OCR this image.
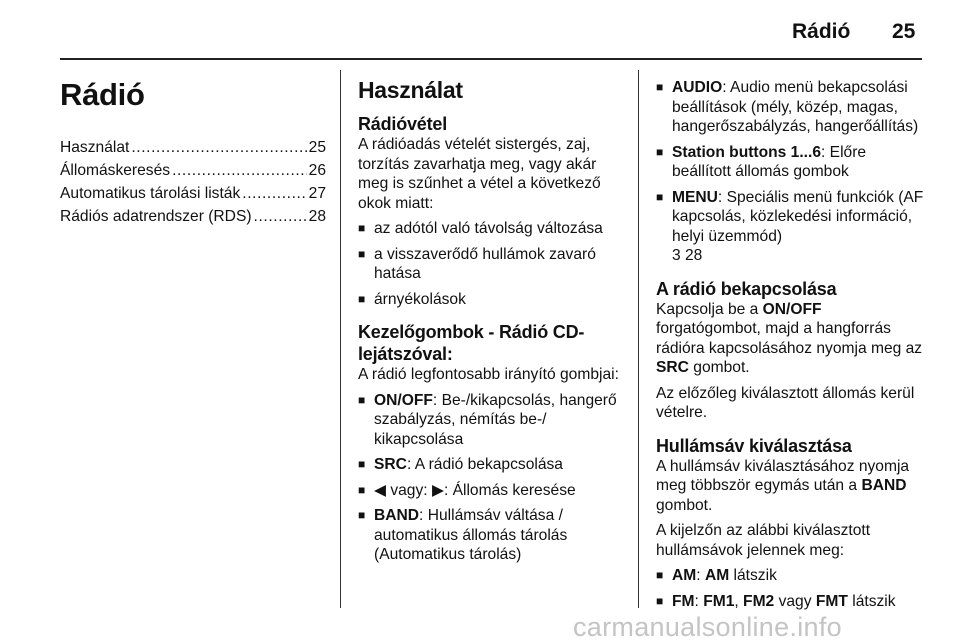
Rádió 25
Rádió
Használat .....	25
Állomáskeresés .....	26
Automatikus tárolási listák .....	27
Rádiós adatrendszer (RDS) .....	28
Használat
Rádióvétel

A rádióadás vételét sistergés, zaj, torzítás zavarhatja meg, vagy akár meg is szűnhet a vétel a következő okok miatt:

■ az adótól való távolság változása
■ a visszaverődő hullámok zavaró hatása
■ árnyékolások
Kezelőgombok - Rádió CD-lejátszóval:

A rádió legfontosabb irányító gombjai:

■ ON/OFF: Be-/kikapcsolás, hangerő szabályzás, némítás be-/ kikapcsolása
■ SRC: A rádió bekapcsolása
■ ◀ vagy: ▶: Állomás keresése
■ BAND: Hullámsáv váltása / automatikus állomás tárolás (Automatikus tárolás)
■ AUDIO: Audio menü bekapcsolási beállítások (mély, közép, magas, hangerőszabályzás, hangerőállítás)
■ Station buttons 1...6: Előre beállított állomás gombok
■ MENU: Speciális menü funkciók (AF kapcsolás, közlekedési információ, helyi üzemmód)
3 28
A rádió bekapcsolása

Kapcsolja be a ON/OFF forgatógombot, majd a hangforrás rádióra kapcsolásához nyomja meg az SRC gombot.

Az előzőleg kiválasztott állomás kerül vételre.

Hullámsáv kiválasztása

A hullámsáv kiválasztásához nyomja meg többször egymás után a BAND gombot.

A kijelzőn az alábbi kiválasztott hullámsávok jelennek meg:

■ AM: AM látszik
■ FM: FM1, FM2 vagy FMT látszik
carmanualsonline.info
